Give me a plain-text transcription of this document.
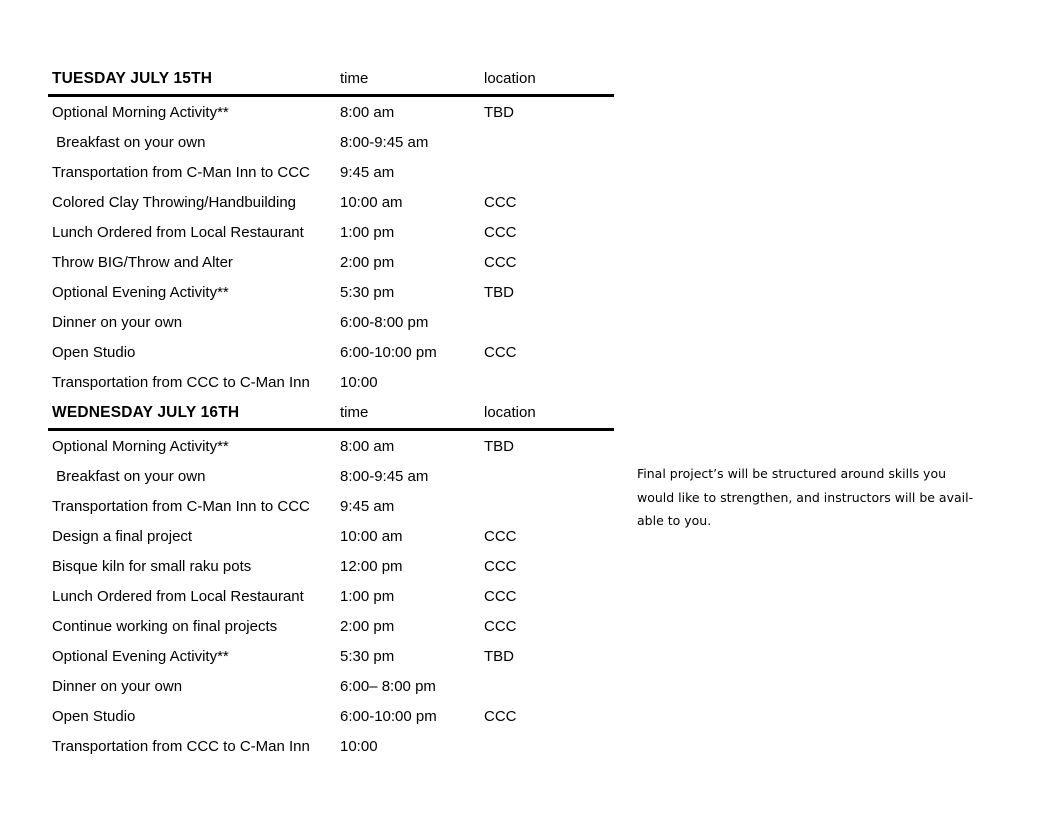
TUESDAY JULY 15TH	time	location
Optional Morning Activity**	8:00 am	TBD
Breakfast on your own	8:00-9:45 am
Transportation from C-Man Inn to CCC 9:45 am
Colored Clay Throwing/Handbuilding	10:00 am	CCC
Lunch Ordered from Local Restaurant 1:00 pm	CCC
Throw BIG/Throw and Alter	2:00 pm	CCC
Optional Evening Activity**	5:30 pm	TBD
Dinner on your own	6:00-8:00 pm
Open Studio	6:00-10:00 pm	CCC
Transportation from CCC to C-Man Inn 10:00
WEDNESDAY JULY 16TH	time	location
Optional Morning Activity**	8:00 am	TBD
Breakfast on your own	8:00-9:45 am
Transportation from C-Man Inn to CCC 9:45 am
Design a final project	10:00 am	CCC
Bisque kiln for small raku pots	12:00 pm	CCC
Lunch Ordered from Local Restaurant 1:00 pm	CCC
Continue working on final projects	2:00 pm	CCC
Optional Evening Activity**	5:30 pm	TBD
Dinner on your own	6:00– 8:00 pm
Open Studio	6:00-10:00 pm	CCC
Transportation from CCC to C-Man Inn 10:00
Final project’s will be structured around skills you
would like to strengthen, and instructors will be avail-
able to you.
